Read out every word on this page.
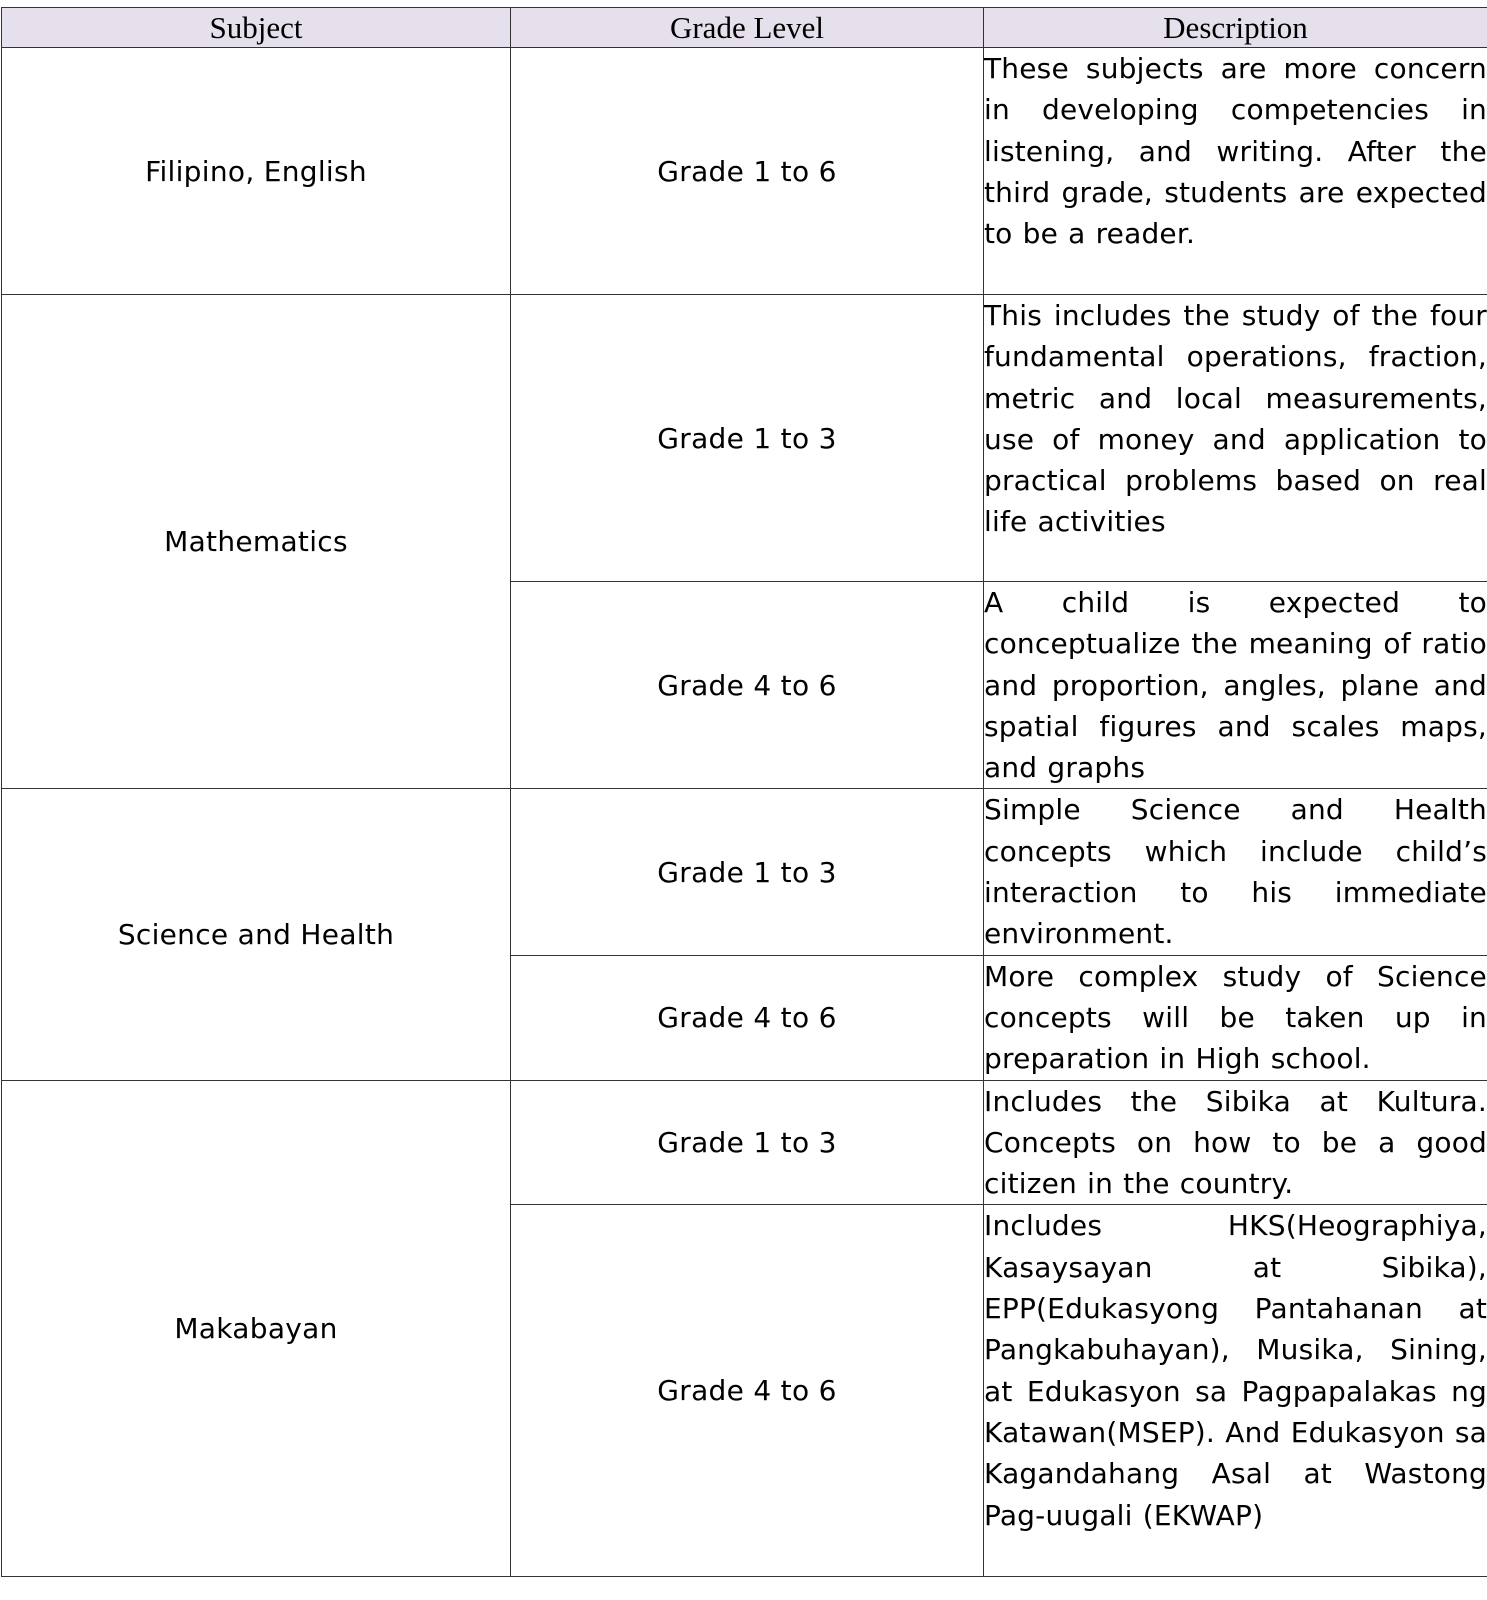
Subject	Grade Level	Description
Filipino, English	Grade 1 to 6	These subjects are more concern in developing competencies in listening, and writing. After the third grade, students are expected to be a reader.
Mathematics	Grade 1 to 3	This includes the study of the four fundamental operations, fraction, metric and local measurements, use of money and application to practical problems based on real life activities
	Grade 4 to 6	A child is expected to conceptualize the meaning of ratio and proportion, angles, plane and spatial figures and scales maps, and graphs
Science and Health	Grade 1 to 3	Simple Science and Health concepts which include child’s interaction to his immediate environment.
	Grade 4 to 6	More complex study of Science concepts will be taken up in preparation in High school.
Makabayan	Grade 1 to 3	Includes the Sibika at Kultura. Concepts on how to be a good citizen in the country.
	Grade 4 to 6	Includes HKS(Heographiya, Kasaysayan at Sibika), EPP(Edukasyong Pantahanan at Pangkabuhayan), Musika, Sining, at Edukasyon sa Pagpapalakas ng Katawan(MSEP). And Edukasyon sa Kagandahang Asal at Wastong Pag-uugali (EKWAP)
